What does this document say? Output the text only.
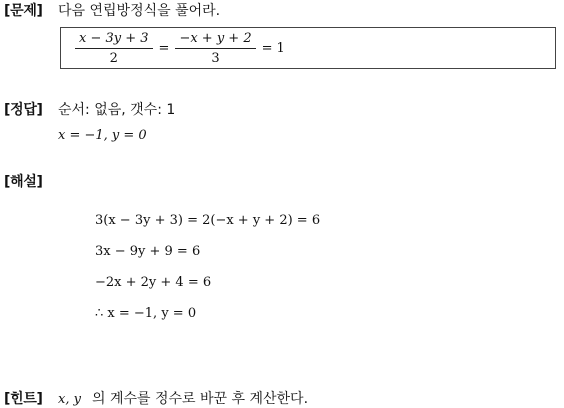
[문제] 다음 연립방정식을 풀어라.
$\frac{x - 3y + 3}{2} = \frac{-x + y + 2}{3} = 1$
[정답] 순서: 없음, 갯수: 1
x = −1, y = 0
[해설]
3(x − 3y + 3) = 2(−x + y + 2) = 6
3x − 9y + 9 = 6
−2x + 2y + 4 = 6
∴ x = −1, y = 0
[힌트] x, y 의 계수를 정수로 바꾼 후 계산한다.
